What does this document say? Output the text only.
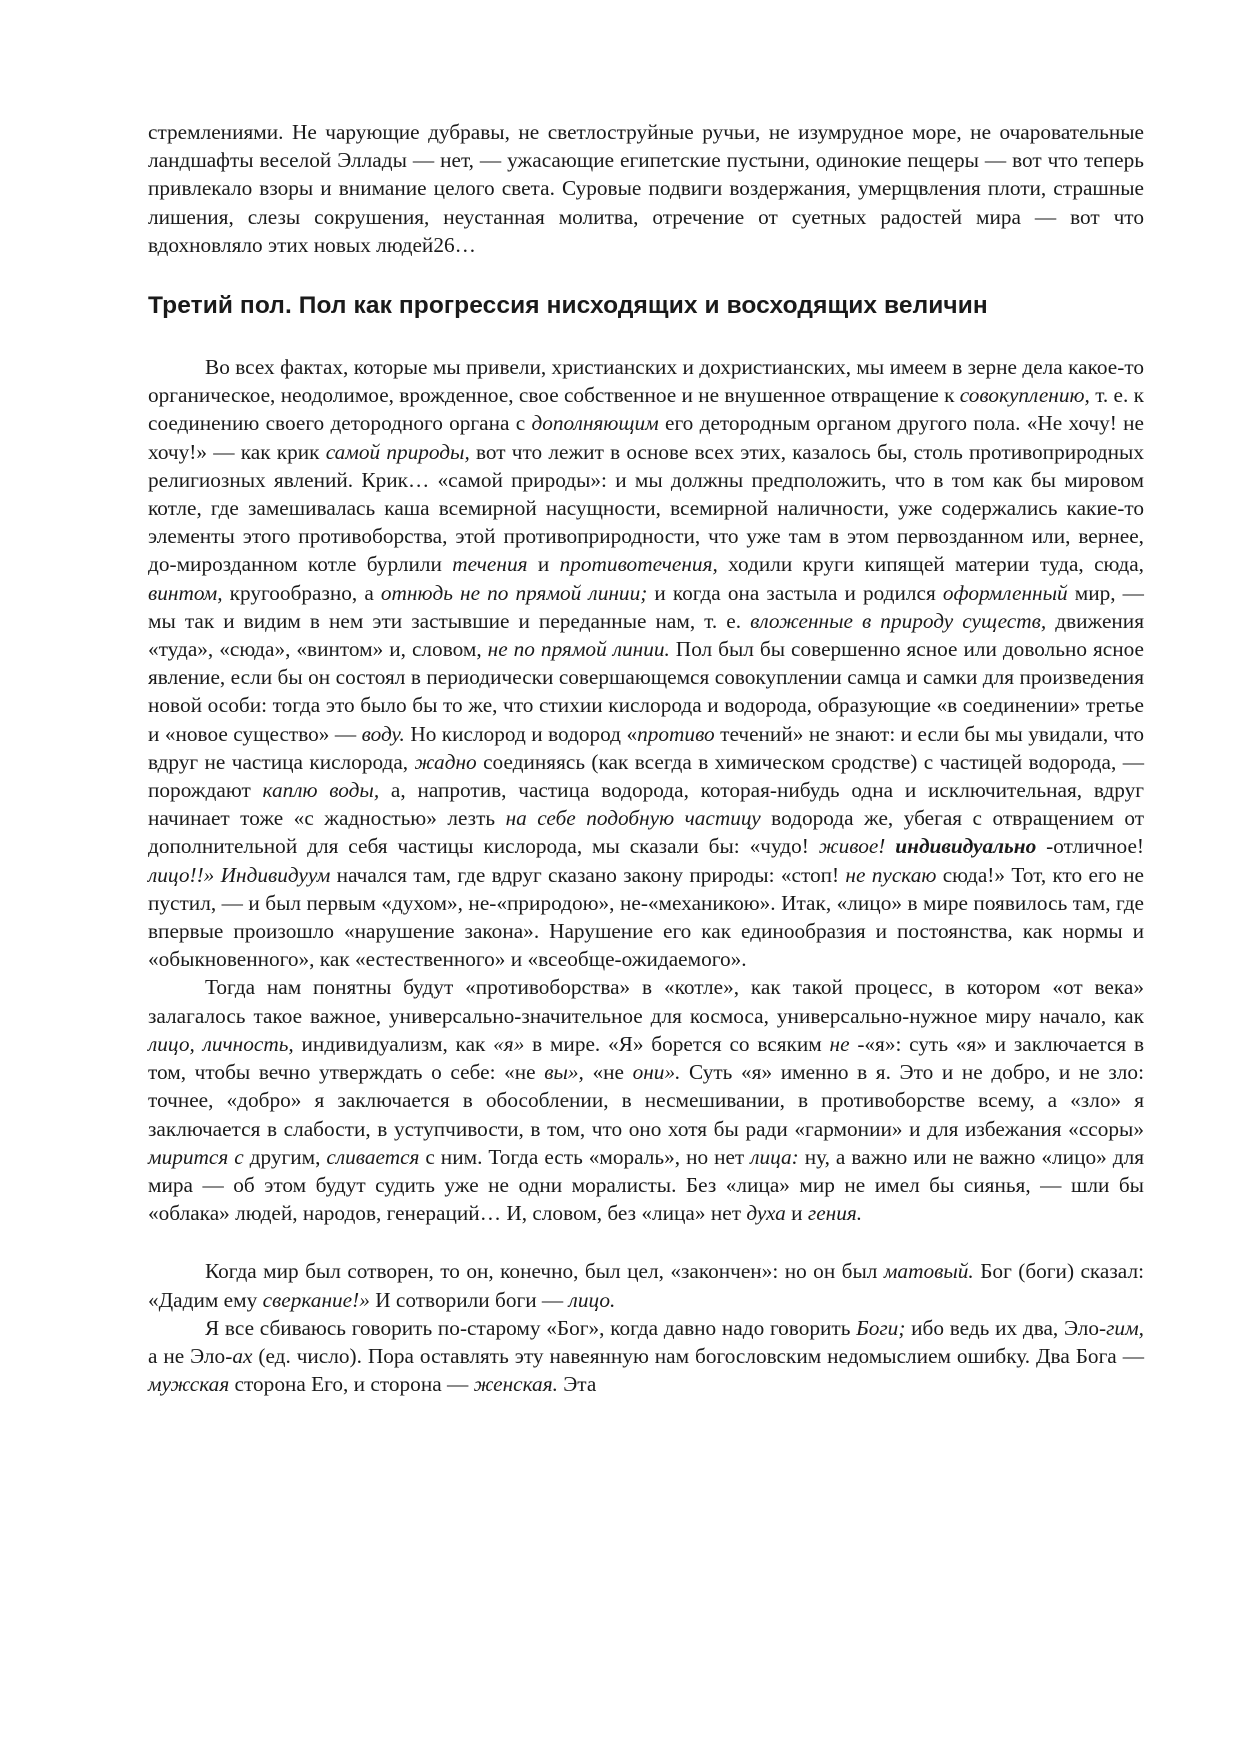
стремлениями. Не чарующие дубравы, не светлоструйные ручьи, не изумрудное море, не очаровательные ландшафты веселой Эллады — нет, — ужасающие египетские пустыни, одинокие пещеры — вот что теперь привлекало взоры и внимание целого света. Суровые подвиги воздержания, умерщвления плоти, страшные лишения, слезы сокрушения, неустанная молитва, отречение от суетных радостей мира — вот что вдохновляло этих новых людей26…

Третий пол. Пол как прогрессия нисходящих и восходящих величин

Во всех фактах, которые мы привели, христианских и дохристианских, мы имеем в зерне дела какое-то органическое, неодолимое, врожденное, свое собственное и не внушенное отвращение к совокуплению, т. е. к соединению своего детородного органа с дополняющим его детородным органом другого пола. «Не хочу! не хочу!» — как крик самой природы, вот что лежит в основе всех этих, казалось бы, столь противоприродных религиозных явлений. Крик… «самой природы»: и мы должны предположить, что в том как бы мировом котле, где замешивалась каша всемирной насущности, всемирной наличности, уже содержались какие-то элементы этого противоборства, этой противоприродности, что уже там в этом первозданном или, вернее, до-мирозданном котле бурлили течения и противотечения, ходили круги кипящей материи туда, сюда, винтом, кругообразно, а отнюдь не по прямой линии; и когда она застыла и родился оформленный мир, — мы так и видим в нем эти застывшие и переданные нам, т. е. вложенные в природу существ, движения «туда», «сюда», «винтом» и, словом, не по прямой линии. Пол был бы совершенно ясное или довольно ясное явление, если бы он состоял в периодически совершающемся совокуплении самца и самки для произведения новой особи: тогда это было бы то же, что стихии кислорода и водорода, образующие «в соединении» третье и «новое существо» — воду. Но кислород и водород «противо течений» не знают: и если бы мы увидали, что вдруг не частица кислорода, жадно соединяясь (как всегда в химическом сродстве) с частицей водорода, — порождают каплю воды, а, напротив, частица водорода, которая-нибудь одна и исключительная, вдруг начинает тоже «с жадностью» лезть на себе подобную частицу водорода же, убегая с отвращением от дополнительной для себя частицы кислорода, мы сказали бы: «чудо! живое! индивидуально -отличное! лицо!!» Индивидуум начался там, где вдруг сказано закону природы: «стоп! не пускаю сюда!» Тот, кто его не пустил, — и был первым «духом», не-«природою», не-«механикою». Итак, «лицо» в мире появилось там, где впервые произошло «нарушение закона». Нарушение его как единообразия и постоянства, как нормы и «обыкновенного», как «естественного» и «всеобще-ожидаемого».

Тогда нам понятны будут «противоборства» в «котле», как такой процесс, в котором «от века» залагалось такое важное, универсально-значительное для космоса, универсально-нужное миру начало, как лицо, личность, индивидуализм, как «я» в мире. «Я» борется со всяким не -«я»: суть «я» и заключается в том, чтобы вечно утверждать о себе: «не вы», «не они». Суть «я» именно в я. Это и не добро, и не зло: точнее, «добро» я заключается в обособлении, в несмешивании, в противоборстве всему, а «зло» я заключается в слабости, в уступчивости, в том, что оно хотя бы ради «гармонии» и для избежания «ссоры» мирится с другим, сливается с ним. Тогда есть «мораль», но нет лица: ну, а важно или не важно «лицо» для мира — об этом будут судить уже не одни моралисты. Без «лица» мир не имел бы сиянья, — шли бы «облака» людей, народов, генераций… И, словом, без «лица» нет духа и гения.

Когда мир был сотворен, то он, конечно, был цел, «закончен»: но он был матовый. Бог (боги) сказал: «Дадим ему сверкание!» И сотворили боги — лицо.

Я все сбиваюсь говорить по-старому «Бог», когда давно надо говорить Боги; ибо ведь их два, Эло-гим, а не Эло-ах (ед. число). Пора оставлять эту навеянную нам богословским недомыслием ошибку. Два Бога — мужская сторона Его, и сторона — женская. Эта
